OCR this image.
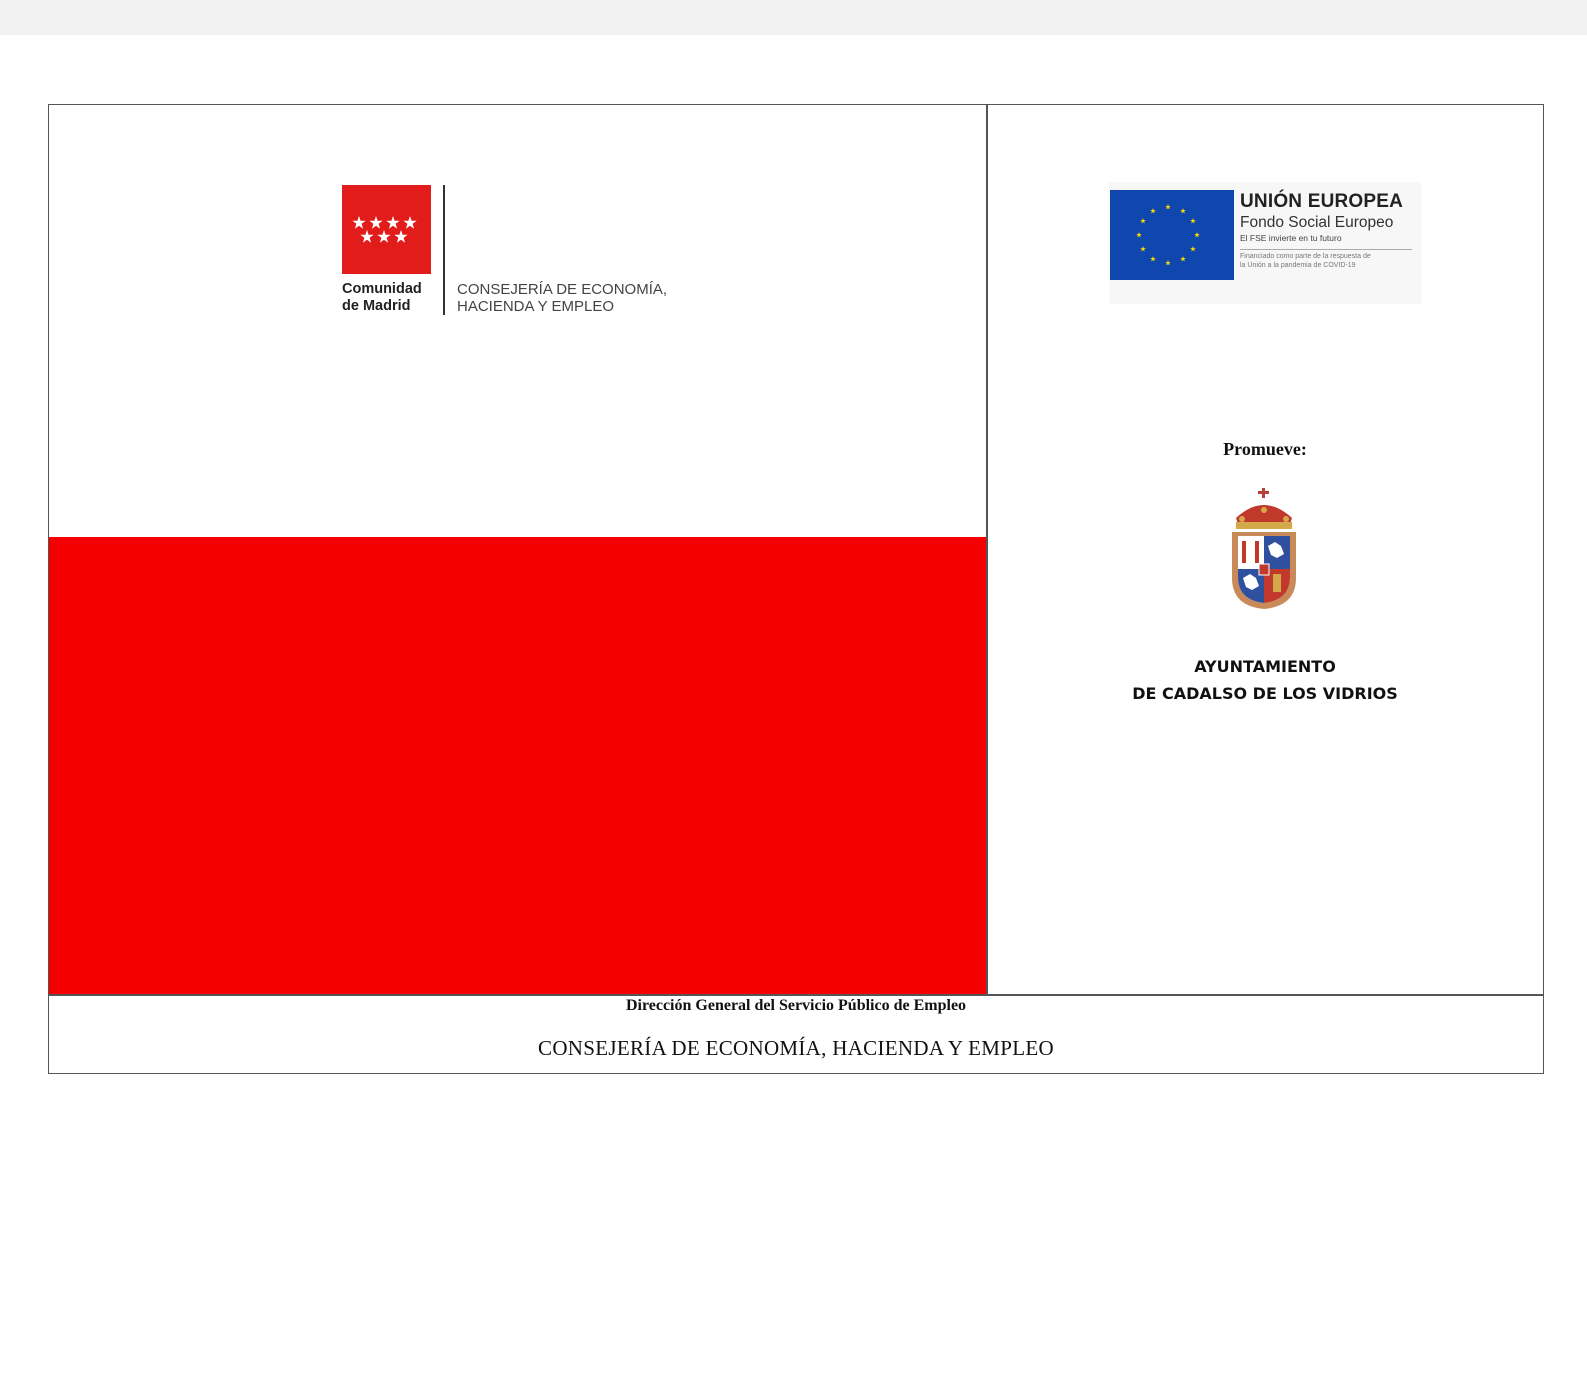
Comunidad
de Madrid
CONSEJERÍA DE ECONOMÍA,
HACIENDA Y EMPLEO
UNIÓN EUROPEA
Fondo Social Europeo
El FSE invierte en tu futuro
Financiado como parte de la respuesta de
la Unión a la pandemia de COVID-19
Promueve:
AYUNTAMIENTO
DE CADALSO DE LOS VIDRIOS
PROGRAMA DE FOMENTO DEL EMPLEO JUVENIL CON LAS
CORPORACIONES LOCALES
ACTIVACIÓN PROFESIONAL
Subvención: 22.166,64 Euros.
Dirección General del Servicio Público de Empleo
CONSEJERÍA DE ECONOMÍA, HACIENDA Y EMPLEO
